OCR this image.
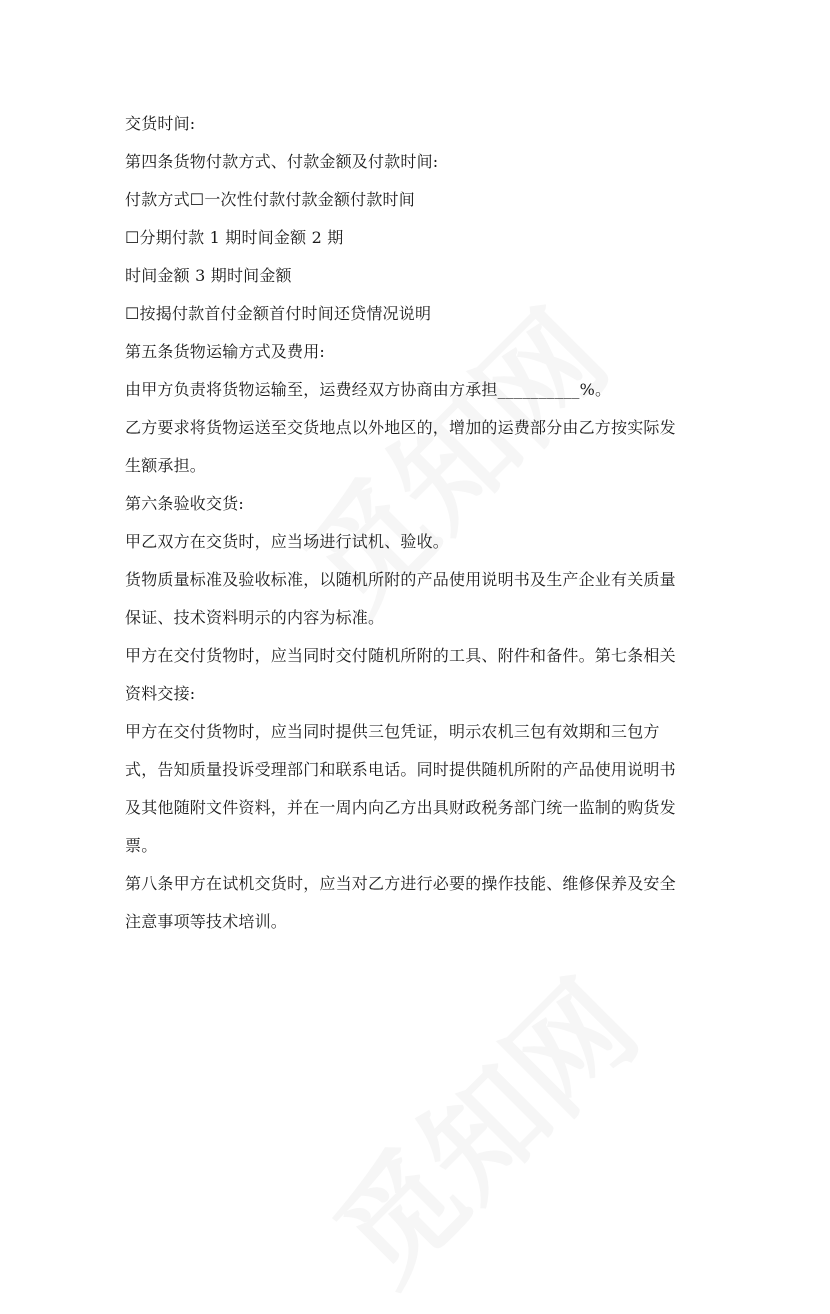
交货时间:
第四条货物付款方式、付款金额及付款时间:
付款方式☐一次性付款付款金额付款时间
☐分期付款 1 期时间金额 2 期
时间金额 3 期时间金额
☐按揭付款首付金额首付时间还贷情况说明
第五条货物运输方式及费用:
由甲方负责将货物运输至，运费经双方协商由方承担__________%。
乙方要求将货物运送至交货地点以外地区的，增加的运费部分由乙方按实际发
生额承担。
第六条验收交货:
甲乙双方在交货时，应当场进行试机、验收。
货物质量标准及验收标准，以随机所附的产品使用说明书及生产企业有关质量
保证、技术资料明示的内容为标准。
甲方在交付货物时，应当同时交付随机所附的工具、附件和备件。第七条相关
资料交接:
甲方在交付货物时，应当同时提供三包凭证，明示农机三包有效期和三包方
式，告知质量投诉受理部门和联系电话。同时提供随机所附的产品使用说明书
及其他随附文件资料，并在一周内向乙方出具财政税务部门统一监制的购货发
票。
第八条甲方在试机交货时，应当对乙方进行必要的操作技能、维修保养及安全
注意事项等技术培训。
